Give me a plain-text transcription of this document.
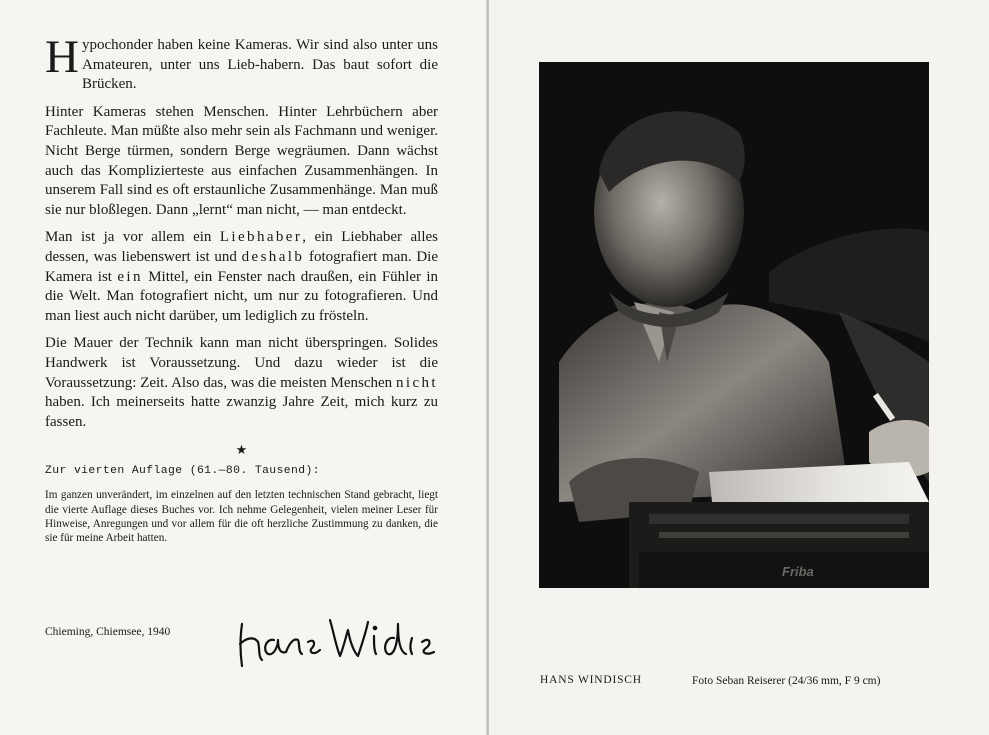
Hypochonder haben keine Kameras. Wir sind also unter uns Amateuren, unter uns Lieb-habern. Das baut sofort die Brücken.

Hinter Kameras stehen Menschen. Hinter Lehrbüchern aber Fachleute. Man müßte also mehr sein als Fachmann und weniger. Nicht Berge türmen, sondern Berge wegräumen. Dann wächst auch das Komplizierteste aus einfachen Zusammenhängen. In unserem Fall sind es oft erstaunliche Zusammenhänge. Man muß sie nur bloßlegen. Dann „lernt“ man nicht, — man entdeckt.

Man ist ja vor allem ein Liebhaber, ein Liebhaber alles dessen, was liebenswert ist und deshalb fotografiert man. Die Kamera ist ein Mittel, ein Fenster nach draußen, ein Fühler in die Welt. Man fotografiert nicht, um nur zu fotografieren. Und man liest auch nicht darüber, um lediglich zu frösteln.

Die Mauer der Technik kann man nicht überspringen. Solides Handwerk ist Voraussetzung. Und dazu wieder ist die Voraussetzung: Zeit. Also das, was die meisten Menschen nicht haben. Ich meinerseits hatte zwanzig Jahre Zeit, mich kurz zu fassen.

★

Zur vierten Auflage (61.—80. Tausend):

Im ganzen unverändert, im einzelnen auf den letzten technischen Stand gebracht, liegt die vierte Auflage dieses Buches vor. Ich nehme Gelegenheit, vielen meiner Leser für Hinweise, Anregungen und vor allem für die oft herzliche Zustimmung zu danken, die sie für meine Arbeit hatten.

Chieming, Chiemsee, 1940
Hans Windisch
Friba
HANS WINDISCH	Foto Seban Reiserer (24/36 mm, F 9 cm)
